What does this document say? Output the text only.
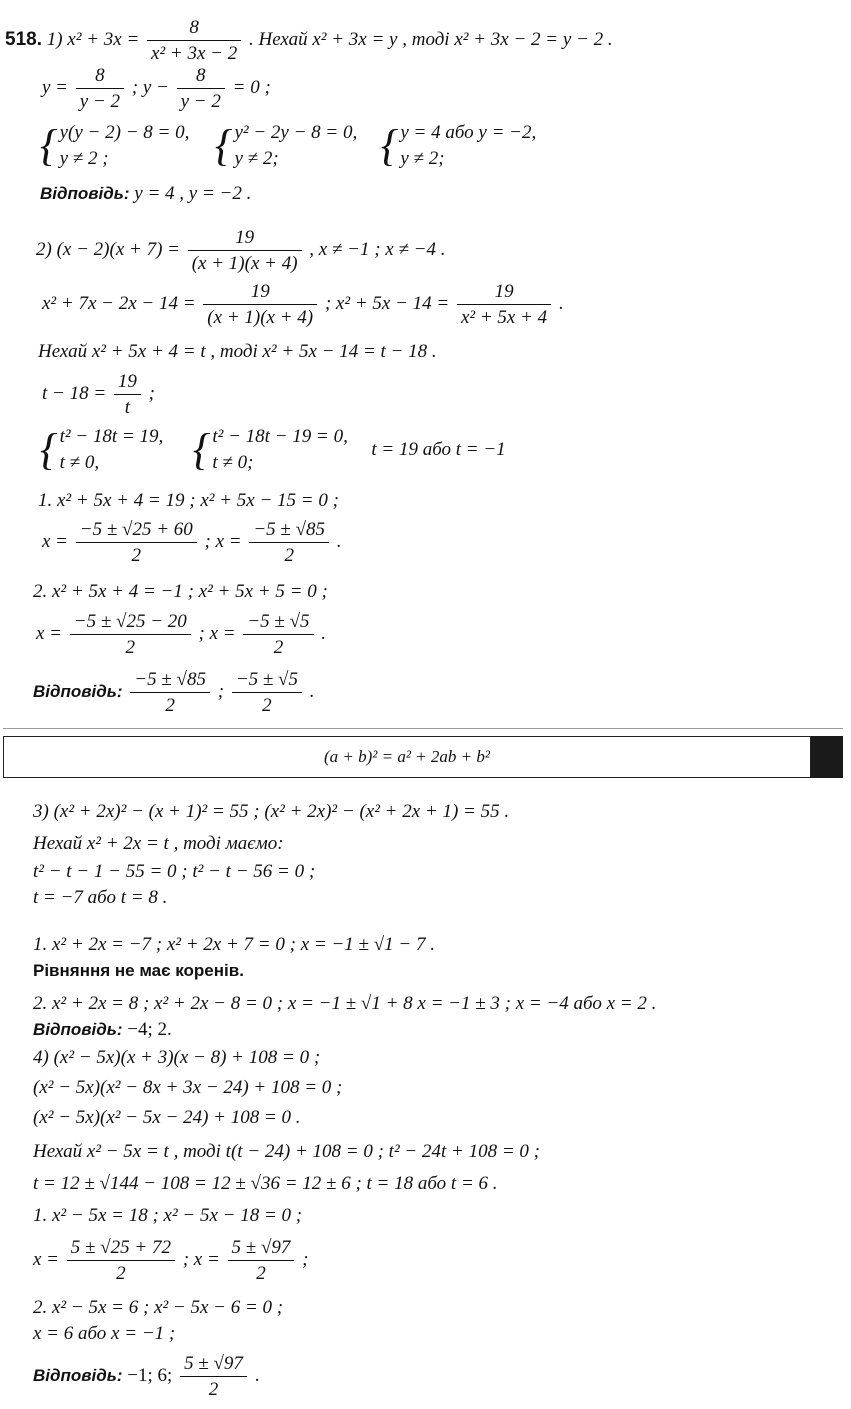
518. 1) $x^2 + 3x = \frac{8}{\text{x² + 3x − 2}}$ . Нехай x² + 3x = y , тоді x² + 3x − 2 = y − 2 .
$y = \frac{8}{y - 2}$ ; $y - \frac{8}{y - 2} = 0$ ;
{ y(y − 2) − 8 = 0,
y ≠ 2 ; { y² − 2y − 8 = 0,
y ≠ 2; { y = 4 або y = −2,
y ≠ 2;
Відповідь: y = 4 , y = −2 .
2) $(x - 2)(x + 7) = \frac{19}{(x + 1)(x + 4)}$ , x ≠ −1 ; x ≠ −4 .
$x^2 + 7x - 2x - 14 = \frac{19}{(x + 1)(x + 4)}$ ; $x^2 + 5x - 14 = \frac{19}{\text{x² + 5x + 4}}$ .
Нехай x² + 5x + 4 = t , тоді x² + 5x − 14 = t − 18 .
$t - 18 = \frac{19}{t}$ ;
{ t² − 18t = 19,
t ≠ 0, { t² − 18t − 19 = 0,
t ≠ 0;  t = 19 або t = −1
1. x² + 5x + 4 = 19 ; x² + 5x − 15 = 0 ;
$x = \frac{-5 \pm √25 + 60}{2}$ ; $x = \frac{-5 \pm √85}{2}$ .
2. x² + 5x + 4 = −1 ; x² + 5x + 5 = 0 ;
$x = \frac{-5 \pm √25 - 20}{2}$ ; $x = \frac{-5 \pm √5}{2}$ .
Відповідь: $\frac{-5 \pm √85}{2}$ ; $\frac{-5 \pm √5}{2}$ .
(a + b)² = a² + 2ab + b²
3) (x² + 2x)² − (x + 1)² = 55 ; (x² + 2x)² − (x² + 2x + 1) = 55 .
Нехай x² + 2x = t , тоді маємо:
t² − t − 1 − 55 = 0 ; t² − t − 56 = 0 ;
t = −7 або t = 8 .
1. x² + 2x = −7 ; x² + 2x + 7 = 0 ; x = −1 ± √1 − 7 .
Рівняння не має коренів.
2. x² + 2x = 8 ; x² + 2x − 8 = 0 ; x = −1 ± √1 + 8 x = −1 ± 3 ; x = −4 або x = 2 .
Відповідь: −4; 2.
4) (x² − 5x)(x + 3)(x − 8) + 108 = 0 ;
(x² − 5x)(x² − 8x + 3x − 24) + 108 = 0 ;
(x² − 5x)(x² − 5x − 24) + 108 = 0 .
Нехай x² − 5x = t , тоді t(t − 24) + 108 = 0 ; t² − 24t + 108 = 0 ;
t = 12 ± √144 − 108 = 12 ± √36 = 12 ± 6 ; t = 18 або t = 6 .
1. x² − 5x = 18 ; x² − 5x − 18 = 0 ;
$x = \frac{5 \pm √25 + 72}{2}$ ; $x = \frac{5 \pm √97}{2}$ ;
2. x² − 5x = 6 ; x² − 5x − 6 = 0 ;
x = 6 або x = −1 ;
Відповідь: −1; 6; $\frac{5 \pm √97}{2}$ .
